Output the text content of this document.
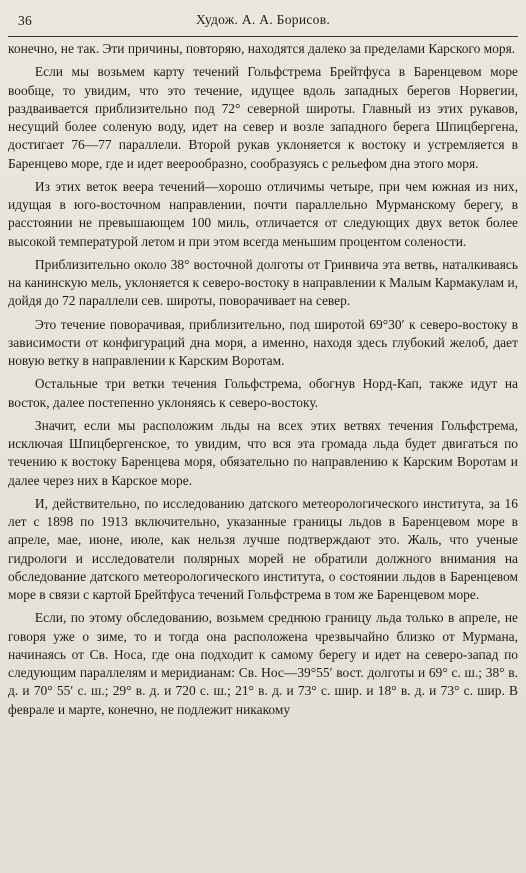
36	Худож. А. А. Борисов.

конечно, не так. Эти причины, повторяю, находятся далеко за пределами Карского моря.

Если мы возьмем карту течений Гольфстрема Брейтфуса в Баренцевом море вообще, то увидим, что это течение, идущее вдоль западных берегов Норвегии, раздваивается приблизительно под 72° северной широты. Главный из этих рукавов, несущий более соленую воду, идет на север и возле западного берега Шпицбергена, достигает 76—77 параллели. Второй рукав уклоняется к востоку и устремляется в Баренцево море, где и идет веерообразно, сообразуясь с рельефом дна этого моря.

Из этих веток веера течений—хорошо отличимы четыре, при чем южная из них, идущая в юго-восточном направлении, почти параллельно Мурманскому берегу, в расстоянии не превышающем 100 миль, отличается от следующих двух веток более высокой температурой летом и при этом всегда меньшим процентом солености.

Приблизительно около 38° восточной долготы от Гринвича эта ветвь, наталкиваясь на канинскую мель, уклоняется к северо-востоку в направлении к Малым Кармакулам и, дойдя до 72 параллели сев. широты, поворачивает на север.

Это течение поворачивая, приблизительно, под широтой 69°30′ к северо-востоку в зависимости от конфигураций дна моря, а именно, находя здесь глубокий желоб, дает новую ветку в направлении к Карским Воротам.

Остальные три ветки течения Гольфстрема, обогнув Норд-Кап, также идут на восток, далее постепенно уклоняясь к северо-востоку.

Значит, если мы расположим льды на всех этих ветвях течения Гольфстрема, исключая Шпицбергенское, то увидим, что вся эта громада льда будет двигаться по течению к востоку Баренцева моря, обязательно по направлению к Карским Воротам и далее через них в Карское море.

И, действительно, по исследованию датского метеорологического института, за 16 лет с 1898 по 1913 включительно, указанные границы льдов в Баренцевом море в апреле, мае, июне, июле, как нельзя лучше подтверждают это. Жаль, что ученые гидрологи и исследователи полярных морей не обратили должного внимания на обследование датского метеорологического института, о состоянии льдов в Баренцевом море в связи с картой Брейтфуса течений Гольфстрема в том же Баренцевом море.

Если, по этому обследованию, возьмем среднюю границу льда только в апреле, не говоря уже о зиме, то и тогда она расположена чрезвычайно близко от Мурмана, начинаясь от Св. Носа, где она подходит к самому берегу и идет на северо-запад по следующим параллелям и меридианам: Св. Нос—39°55′ вост. долготы и 69° с. ш.; 38° в. д. и 70° 55′ с. ш.; 29° в. д. и 720 с. ш.; 21° в. д. и 73° с. шир. и 18° в. д. и 73° с. шир. В феврале и марте, конечно, не подлежит никакому
